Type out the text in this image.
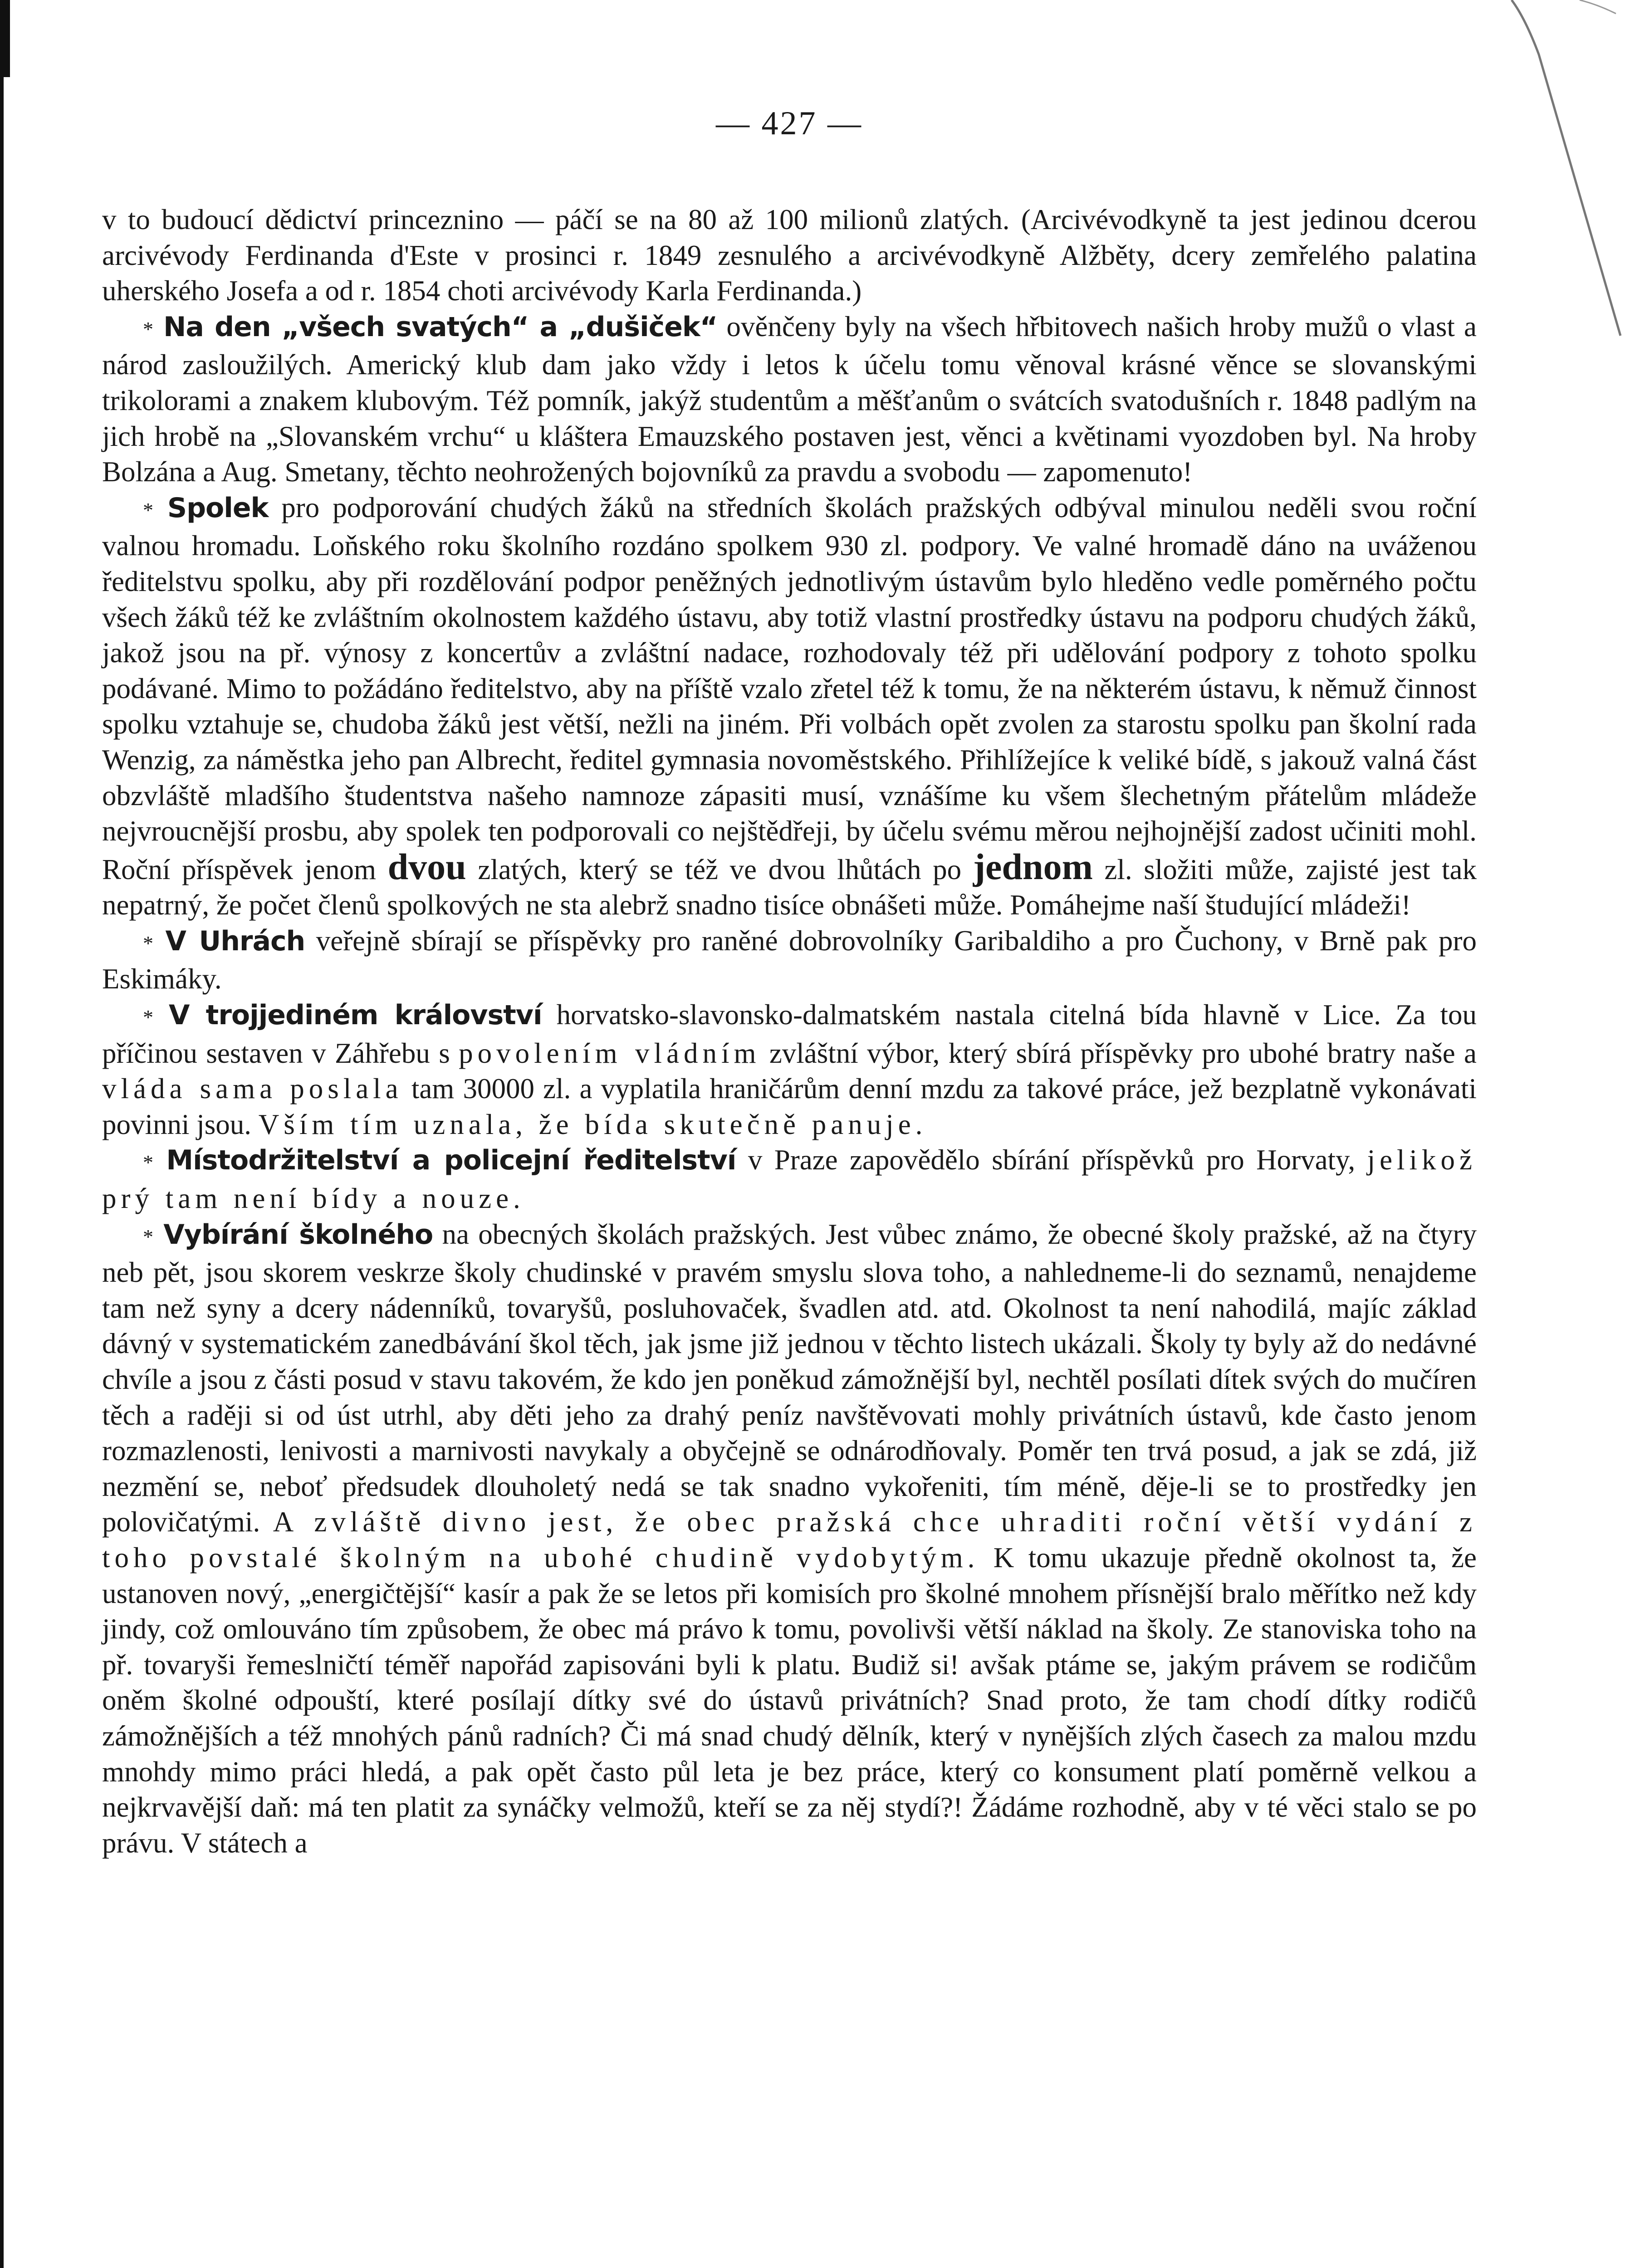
— 427 —

v to budoucí dědictví princeznino — páčí se na 80 až 100 milionů zlatých. (Arcivévodkyně ta jest jedinou dcerou arcivévody Ferdinanda d'Este v prosinci r. 1849 zesnulého a arcivévodkyně Alžběty, dcery zemřelého palatina uherského Josefa a od r. 1854 choti arcivévody Karla Ferdinanda.)

* Na den „všech svatých“ a „dušiček“ ověnčeny byly na všech hřbitovech našich hroby mužů o vlast a národ zasloužilých. Americký klub dam jako vždy i letos k účelu tomu věnoval krásné věnce se slovanskými trikolorami a znakem klubovým. Též pomník, jakýž studentům a měšťanům o svátcích svatodušních r. 1848 padlým na jich hrobě na „Slovanském vrchu“ u kláštera Emauzského postaven jest, věnci a květinami vyozdoben byl. Na hroby Bolzána a Aug. Smetany, těchto neohrožených bojovníků za pravdu a svobodu — zapomenuto!

* Spolek pro podporování chudých žáků na středních školách pražských odbýval minulou neděli svou roční valnou hromadu. Loňského roku školního rozdáno spolkem 930 zl. podpory. Ve valné hromadě dáno na uváženou ředitelstvu spolku, aby při rozdělování podpor peněžných jednotlivým ústavům bylo hleděno vedle poměrného počtu všech žáků též ke zvláštním okolnostem každého ústavu, aby totiž vlastní prostředky ústavu na podporu chudých žáků, jakož jsou na př. výnosy z koncertův a zvláštní nadace, rozhodovaly též při udělování podpory z tohoto spolku podávané. Mimo to požádáno ředitelstvo, aby na příště vzalo zřetel též k tomu, že na některém ústavu, k němuž činnost spolku vztahuje se, chudoba žáků jest větší, nežli na jiném. Při volbách opět zvolen za starostu spolku pan školní rada Wenzig, za náměstka jeho pan Albrecht, ředitel gymnasia novoměstského. Přihlížejíce k veliké bídě, s jakouž valná část obzvláště mladšího študentstva našeho namnoze zápasiti musí, vznášíme ku všem šlechetným přátelům mládeže nejvroucnější prosbu, aby spolek ten podporovali co nejštědřeji, by účelu svému měrou nejhojnější zadost učiniti mohl. Roční příspěvek jenom dvou zlatých, který se též ve dvou lhůtách po jednom zl. složiti může, zajisté jest tak nepatrný, že počet členů spolkových ne sta alebrž snadno tisíce obnášeti může. Pomáhejme naší študující mládeži!

* V Uhrách veřejně sbírají se příspěvky pro raněné dobrovolníky Garibaldiho a pro Čuchony, v Brně pak pro Eskimáky.

* V trojjediném království horvatsko-slavonsko-dalmatském nastala citelná bída hlavně v Lice. Za tou příčinou sestaven v Záhřebu s povolením vládním zvláštní výbor, který sbírá příspěvky pro ubohé bratry naše a vláda sama poslala tam 30000 zl. a vyplatila hraničárům denní mzdu za takové práce, jež bezplatně vykonávati povinni jsou. Vším tím uznala, že bída skutečně panuje.

* Místodržitelství a policejní ředitelství v Praze zapovědělo sbírání příspěvků pro Horvaty, jelikož prý tam není bídy a nouze.

* Vybírání školného na obecných školách pražských. Jest vůbec známo, že obecné školy pražské, až na čtyry neb pět, jsou skorem veskrze školy chudinské v pravém smyslu slova toho, a nahledneme-li do seznamů, nenajdeme tam než syny a dcery nádenníků, tovaryšů, posluhovaček, švadlen atd. atd. Okolnost ta není nahodilá, majíc základ dávný v systematickém zanedbávání škol těch, jak jsme již jednou v těchto listech ukázali. Školy ty byly až do nedávné chvíle a jsou z části posud v stavu takovém, že kdo jen poněkud zámožnější byl, nechtěl posílati dítek svých do mučíren těch a raději si od úst utrhl, aby děti jeho za drahý peníz navštěvovati mohly privátních ústavů, kde často jenom rozmazlenosti, lenivosti a marnivosti navykaly a obyčejně se odnárodňovaly. Poměr ten trvá posud, a jak se zdá, již nezmění se, neboť předsudek dlouholetý nedá se tak snadno vykořeniti, tím méně, děje-li se to prostředky jen polovičatými. A zvláště divno jest, že obec pražská chce uhraditi roční větší vydání z toho povstalé školným na ubohé chudině vydobytým. K tomu ukazuje předně okolnost ta, že ustanoven nový, „energičtější“ kasír a pak že se letos při komisích pro školné mnohem přísnější bralo měřítko než kdy jindy, což omlouváno tím způsobem, že obec má právo k tomu, povolivši větší náklad na školy. Ze stanoviska toho na př. tovaryši řemeslničtí téměř napořád zapisováni byli k platu. Budiž si! avšak ptáme se, jakým právem se rodičům oněm školné odpouští, které posílají dítky své do ústavů privátních? Snad proto, že tam chodí dítky rodičů zámožnějších a též mnohých pánů radních? Či má snad chudý dělník, který v nynějších zlých časech za malou mzdu mnohdy mimo práci hledá, a pak opět často půl leta je bez práce, který co konsument platí poměrně velkou a nejkrvavější daň: má ten platit za synáčky velmožů, kteří se za něj stydí?! Žádáme rozhodně, aby v té věci stalo se po právu. V státech a
